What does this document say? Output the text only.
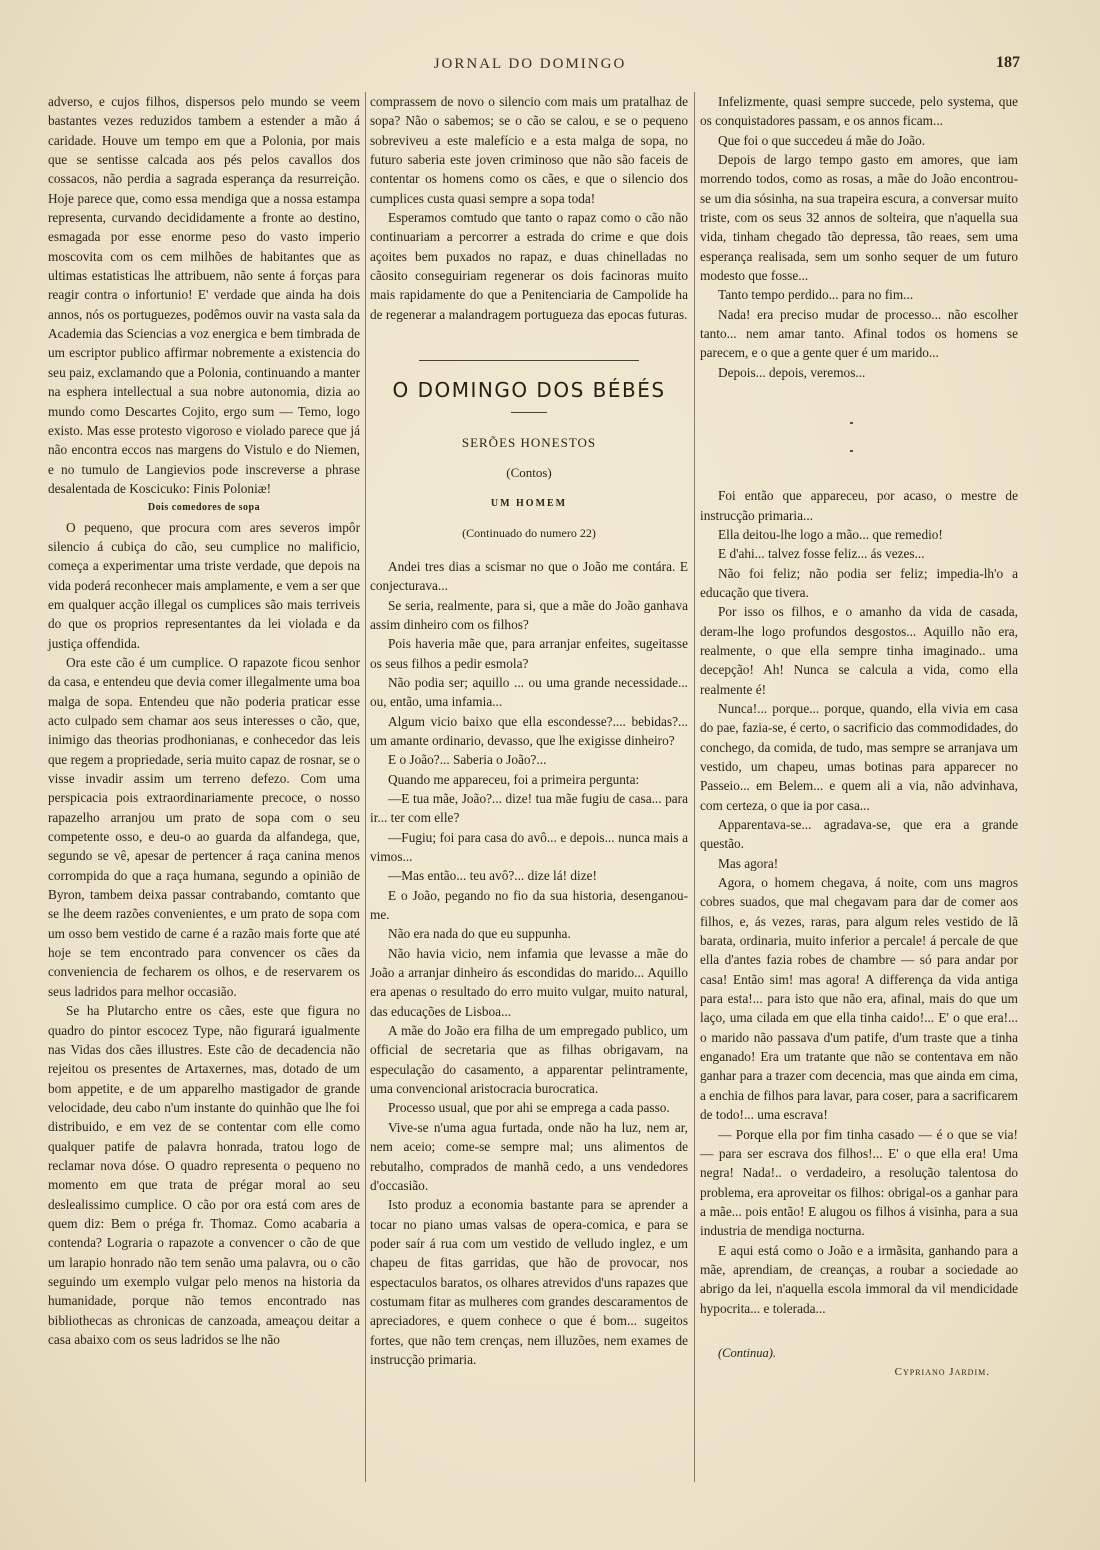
JORNAL DO DOMINGO	187

adverso, e cujos filhos, dispersos pelo mundo se veem bastantes vezes reduzidos tambem a estender a mão á caridade. Houve um tempo em que a Polonia, por mais que se sentisse calcada aos pés pelos cavallos dos cossacos, não perdia a sagrada esperança da resurreição. Hoje parece que, como essa mendiga que a nossa estampa representa, curvando decididamente a fronte ao destino, esmagada por esse enorme peso do vasto imperio moscovita com os cem milhões de habitantes que as ultimas estatisticas lhe attribuem, não sente á forças para reagir contra o infortunio! E' verdade que ainda ha dois annos, nós os portuguezes, podêmos ouvir na vasta sala da Academia das Sciencias a voz energica e bem timbrada de um escriptor publico affirmar nobremente a existencia do seu paiz, exclamando que a Polonia, continuando a manter na esphera intellectual a sua nobre autonomia, dizia ao mundo como Descartes Cojito, ergo sum — Temo, logo existo. Mas esse protesto vigoroso e violado parece que já não encontra eccos nas margens do Vistulo e do Niemen, e no tumulo de Langievios pode inscreverse a phrase desalentada de Koscicuko: Finis Poloniæ!

Dois comedores de sopa

O pequeno, que procura com ares severos impôr silencio á cubiça do cão, seu cumplice no malificio, começa a experimentar uma triste verdade, que depois na vida poderá reconhecer mais amplamente, e vem a ser que em qualquer acção illegal os cumplices são mais terriveis do que os proprios representantes da lei violada e da justiça offendida.

Ora este cão é um cumplice. O rapazote ficou senhor da casa, e entendeu que devia comer illegalmente uma boa malga de sopa. Entendeu que não poderia praticar esse acto culpado sem chamar aos seus interesses o cão, que, inimigo das theorias prodhonianas, e conhecedor das leis que regem a propriedade, seria muito capaz de rosnar, se o visse invadir assim um terreno defezo. Com uma perspicacia pois extraordinariamente precoce, o nosso rapazelho arranjou um prato de sopa com o seu competente osso, e deu-o ao guarda da alfandega, que, segundo se vê, apesar de pertencer á raça canina menos corrompida do que a raça humana, segundo a opinião de Byron, tambem deixa passar contrabando, comtanto que se lhe deem razões convenientes, e um prato de sopa com um osso bem vestido de carne é a razão mais forte que até hoje se tem encontrado para convencer os cães da conveniencia de fecharem os olhos, e de reservarem os seus ladridos para melhor occasião.

Se ha Plutarcho entre os cães, este que figura no quadro do pintor escocez Type, não figurará igualmente nas Vidas dos cães illustres. Este cão de decadencia não rejeitou os presentes de Artaxernes, mas, dotado de um bom appetite, e de um apparelho mastigador de grande velocidade, deu cabo n'um instante do quinhão que lhe foi distribuido, e em vez de se contentar com elle como qualquer patife de palavra honrada, tratou logo de reclamar nova dóse. O quadro representa o pequeno no momento em que trata de prégar moral ao seu deslealissimo cumplice. O cão por ora está com ares de quem diz: Bem o préga fr. Thomaz. Como acabaria a contenda? Lograria o rapazote a convencer o cão de que um larapio honrado não tem senão uma palavra, ou o cão seguindo um exemplo vulgar pelo menos na historia da humanidade, porque não temos encontrado nas bibliothecas as chronicas de canzoada, ameaçou deitar a casa abaixo com os seus ladridos se lhe não

comprassem de novo o silencio com mais um pratalhaz de sopa? Não o sabemos; se o cão se calou, e se o pequeno sobreviveu a este malefício e a esta malga de sopa, no futuro saberia este joven criminoso que não são faceis de contentar os homens como os cães, e que o silencio dos cumplices custa quasi sempre a sopa toda!

Esperamos comtudo que tanto o rapaz como o cão não continuariam a percorrer a estrada do crime e que dois açoites bem puxados no rapaz, e duas chinelladas no cãosito conseguiriam regenerar os dois facinoras muito mais rapidamente do que a Penitenciaria de Campolide ha de regenerar a malandragem portugueza das epocas futuras.

O DOMINGO DOS BÉBÉS
SERÕES HONESTOS
(Contos)
UM HOMEM
(Continuado do numero 22)

Andei tres dias a scismar no que o João me contára. E conjecturava...

Se seria, realmente, para si, que a mãe do João ganhava assim dinheiro com os filhos?

Pois haveria mãe que, para arranjar enfeites, sugeitasse os seus filhos a pedir esmola?

Não podia ser; aquillo ... ou uma grande necessidade... ou, então, uma infamia...

Algum vicio baixo que ella escondesse?.... bebidas?... um amante ordinario, devasso, que lhe exigisse dinheiro?

E o João?... Saberia o João?...

Quando me appareceu, foi a primeira pergunta:

—E tua mãe, João?... dize! tua mãe fugiu de casa... para ir... ter com elle?

—Fugiu; foi para casa do avô... e depois... nunca mais a vimos...

—Mas então... teu avô?... dize lá! dize!

E o João, pegando no fio da sua historia, desenganou-me.

Não era nada do que eu suppunha.

Não havia vicio, nem infamia que levasse a mãe do João a arranjar dinheiro ás escondidas do marido... Aquillo era apenas o resultado do erro muito vulgar, muito natural, das educações de Lisboa...

A mãe do João era filha de um empregado publico, um official de secretaria que as filhas obrigavam, na especulação do casamento, a apparentar pelintramente, uma convencional aristocracia burocratica.

Processo usual, que por ahi se emprega a cada passo.

Vive-se n'uma agua furtada, onde não ha luz, nem ar, nem aceio; come-se sempre mal; uns alimentos de rebutalho, comprados de manhã cedo, a uns vendedores d'occasião.

Isto produz a economia bastante para se aprender a tocar no piano umas valsas de opera-comica, e para se poder saír á rua com um vestido de velludo inglez, e um chapeu de fitas garridas, que hão de provocar, nos espectaculos baratos, os olhares atrevidos d'uns rapazes que costumam fitar as mulheres com grandes descaramentos de apreciadores, e quem conhece o que é bom... sugeitos fortes, que não tem crenças, nem illuzões, nem exames de instrucção primaria.

Infelizmente, quasi sempre succede, pelo systema, que os conquistadores passam, e os annos ficam...

Que foi o que succedeu á mãe do João.

Depois de largo tempo gasto em amores, que iam morrendo todos, como as rosas, a mãe do João encontrou-se um dia sósinha, na sua trapeira escura, a conversar muito triste, com os seus 32 annos de solteira, que n'aquella sua vida, tinham chegado tão depressa, tão reaes, sem uma esperança realisada, sem um sonho sequer de um futuro modesto que fosse...

Tanto tempo perdido... para no fim...

Nada! era preciso mudar de processo... não escolher tanto... nem amar tanto. Afinal todos os homens se parecem, e o que a gente quer é um marido...

Depois... depois, veremos...

Foi então que appareceu, por acaso, o mestre de instrucção primaria...

Ella deitou-lhe logo a mão... que remedio!

E d'ahi... talvez fosse feliz... ás vezes...

Não foi feliz; não podia ser feliz; impedia-lh'o a educação que tivera.

Por isso os filhos, e o amanho da vida de casada, deram-lhe logo profundos desgostos... Aquillo não era, realmente, o que ella sempre tinha imaginado.. uma decepção! Ah! Nunca se calcula a vida, como ella realmente é!

Nunca!... porque... porque, quando, ella vivia em casa do pae, fazia-se, é certo, o sacrificio das commodidades, do conchego, da comida, de tudo, mas sempre se arranjava um vestido, um chapeu, umas botinas para apparecer no Passeio... em Belem... e quem ali a via, não advinhava, com certeza, o que ia por casa...

Apparentava-se... agradava-se, que era a grande questão.

Mas agora!

Agora, o homem chegava, á noite, com uns magros cobres suados, que mal chegavam para dar de comer aos filhos, e, ás vezes, raras, para algum reles vestido de lã barata, ordinaria, muito inferior a percale! á percale de que ella d'antes fazia robes de chambre — só para andar por casa! Então sim! mas agora! A differença da vida antiga para esta!... para isto que não era, afinal, mais do que um laço, uma cilada em que ella tinha caido!... E' o que era!... o marido não passava d'um patife, d'um traste que a tinha enganado! Era um tratante que não se contentava em não ganhar para a trazer com decencia, mas que ainda em cima, a enchia de filhos para lavar, para coser, para a sacrificarem de todo!... uma escrava!

— Porque ella por fim tinha casado — é o que se via! — para ser escrava dos filhos!... E' o que ella era! Uma negra! Nada!.. o verdadeiro, a resolução talentosa do problema, era aproveitar os filhos: obrigal-os a ganhar para a mãe... pois então! E alugou os filhos á visinha, para a sua industria de mendiga nocturna.

E aqui está como o João e a irmãsita, ganhando para a mãe, aprendiam, de creanças, a roubar a sociedade ao abrigo da lei, n'aquella escola immoral da vil mendicidade hypocrita... e tolerada...

(Continua).
Cypriano Jardim.
